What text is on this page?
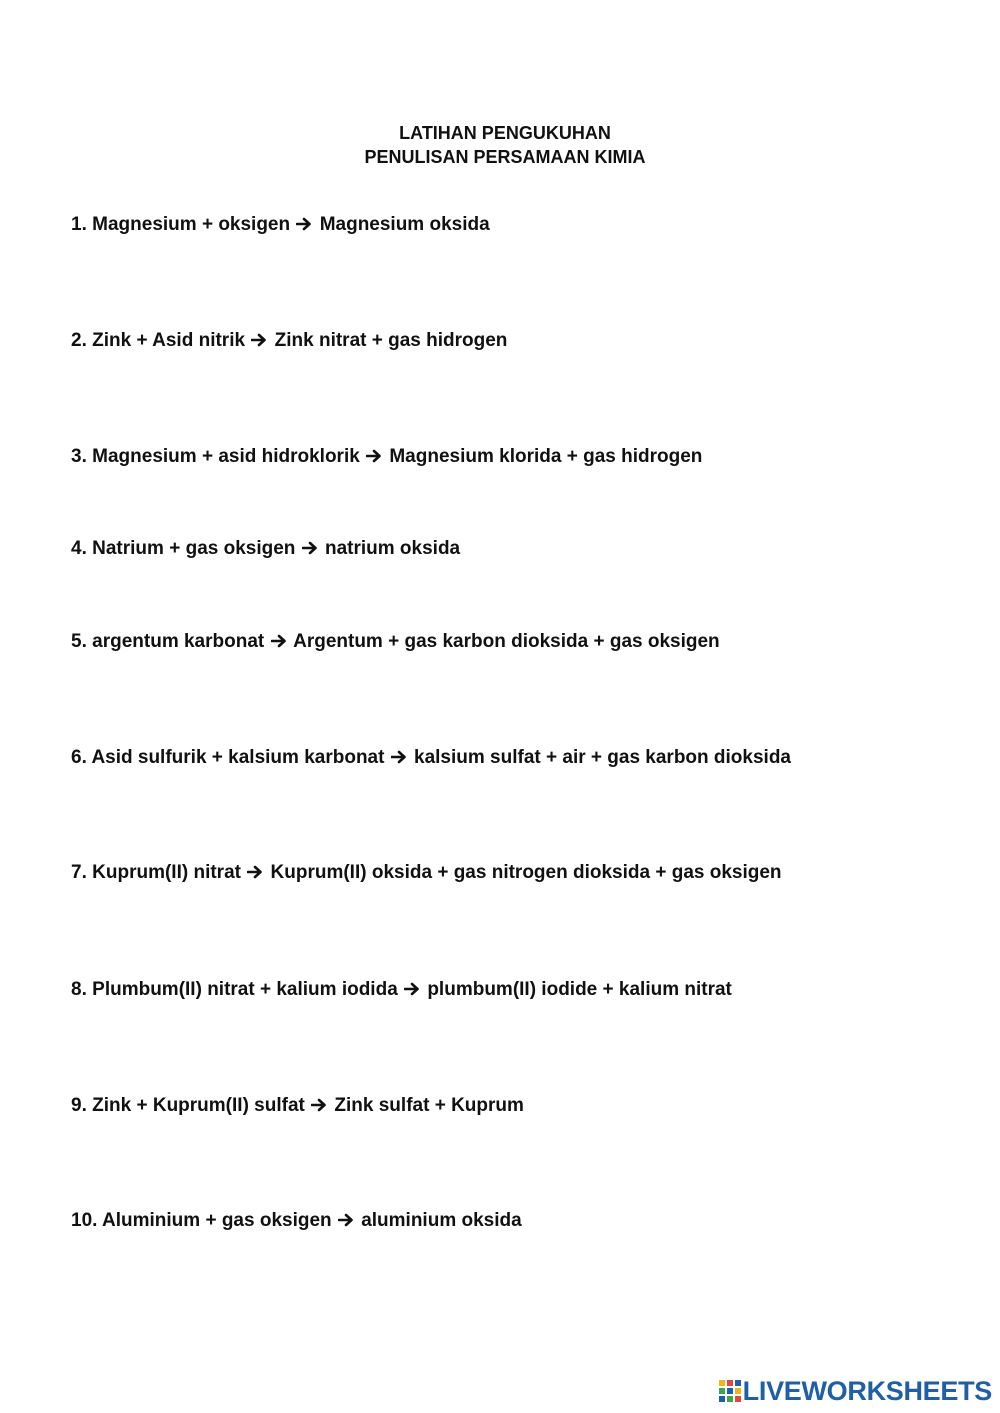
LATIHAN PENGUKUHAN
PENULISAN PERSAMAAN KIMIA
1. Magnesium + oksigen Magnesium oksida
2. Zink + Asid nitrik Zink nitrat + gas hidrogen
3. Magnesium + asid hidroklorik Magnesium klorida + gas hidrogen
4. Natrium + gas oksigen natrium oksida
5. argentum karbonat Argentum + gas karbon dioksida + gas oksigen
6. Asid sulfurik + kalsium karbonat kalsium sulfat + air + gas karbon dioksida
7. Kuprum(II) nitrat Kuprum(II) oksida + gas nitrogen dioksida + gas oksigen
8. Plumbum(II) nitrat + kalium iodida plumbum(II) iodide + kalium nitrat
9. Zink + Kuprum(II) sulfat Zink sulfat + Kuprum
10. Aluminium + gas oksigen aluminium oksida
LIVEWORKSHEETS
